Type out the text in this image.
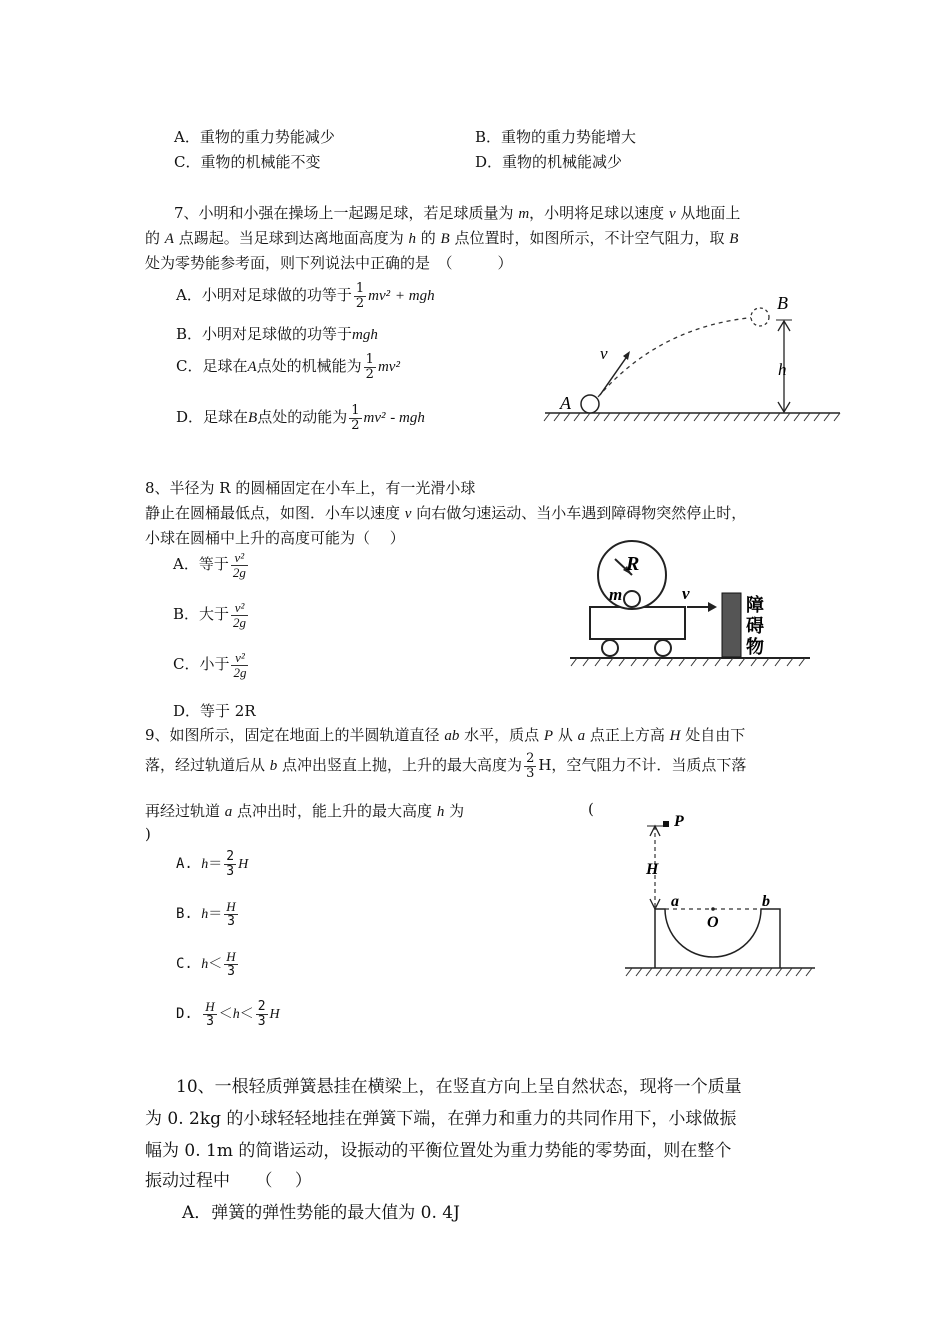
A．重物的重力势能减少	B．重物的重力势能增大
C．重物的机械能不变	D．重物的机械能减少
7、小明和小强在操场上一起踢足球，若足球质量为 m，小明将足球以速度 v 从地面上
的 A 点踢起。当足球到达离地面高度为 h 的 B 点位置时，如图所示，不计空气阻力，取 B
处为零势能参考面，则下列说法中正确的是　（　　　）
A．小明对足球做的功等于 $\frac{1}{2} mv^2$ + mgh
B．小明对足球做的功等于mgh
C．足球在A点处的机械能为 $\frac{1}{2} mv^2$
D．足球在B点处的动能为 $\frac{1}{2} mv^2$ - mgh
v
A
B
h
8、半径为 R 的圆桶固定在小车上，有一光滑小球
静止在圆桶最低点，如图．小车以速度 v 向右做匀速运动、当小车遇到障碍物突然停止时，
小球在圆桶中上升的高度可能为（　 ）
A．等于 $\frac{\text{v²}}{2g}$
B．大于 $\frac{\text{v²}}{2g}$
C．小于 $\frac{\text{v²}}{2g}$
D．等于 2R
R
m	v
障
碍
物
9、如图所示，固定在地面上的半圆轨道直径 ab 水平，质点 P 从 a 点正上方高 H 处自由下
落，经过轨道后从 b 点冲出竖直上抛，上升的最大高度为 $\frac{2}{3}$ H，空气阻力不计．当质点下落
再经过轨道 a 点冲出时，能上升的最大高度 h 为	(
)
A. $h= \frac{2}{3}$ H
B. $h= \frac{H}{3}$
C. $h< \frac{H}{3}$
D. $\frac{H}{3} <h< \frac{2}{3}$ H
P
H
a	b
O
10、一根轻质弹簧悬挂在横梁上，在竖直方向上呈自然状态，现将一个质量
为 0. 2kg 的小球轻轻地挂在弹簧下端，在弹力和重力的共同作用下，小球做振
幅为 0. 1m 的简谐运动，设振动的平衡位置处为重力势能的零势面，则在整个
振动过程中　　（　 ）
A．弹簧的弹性势能的最大值为 0. 4J
